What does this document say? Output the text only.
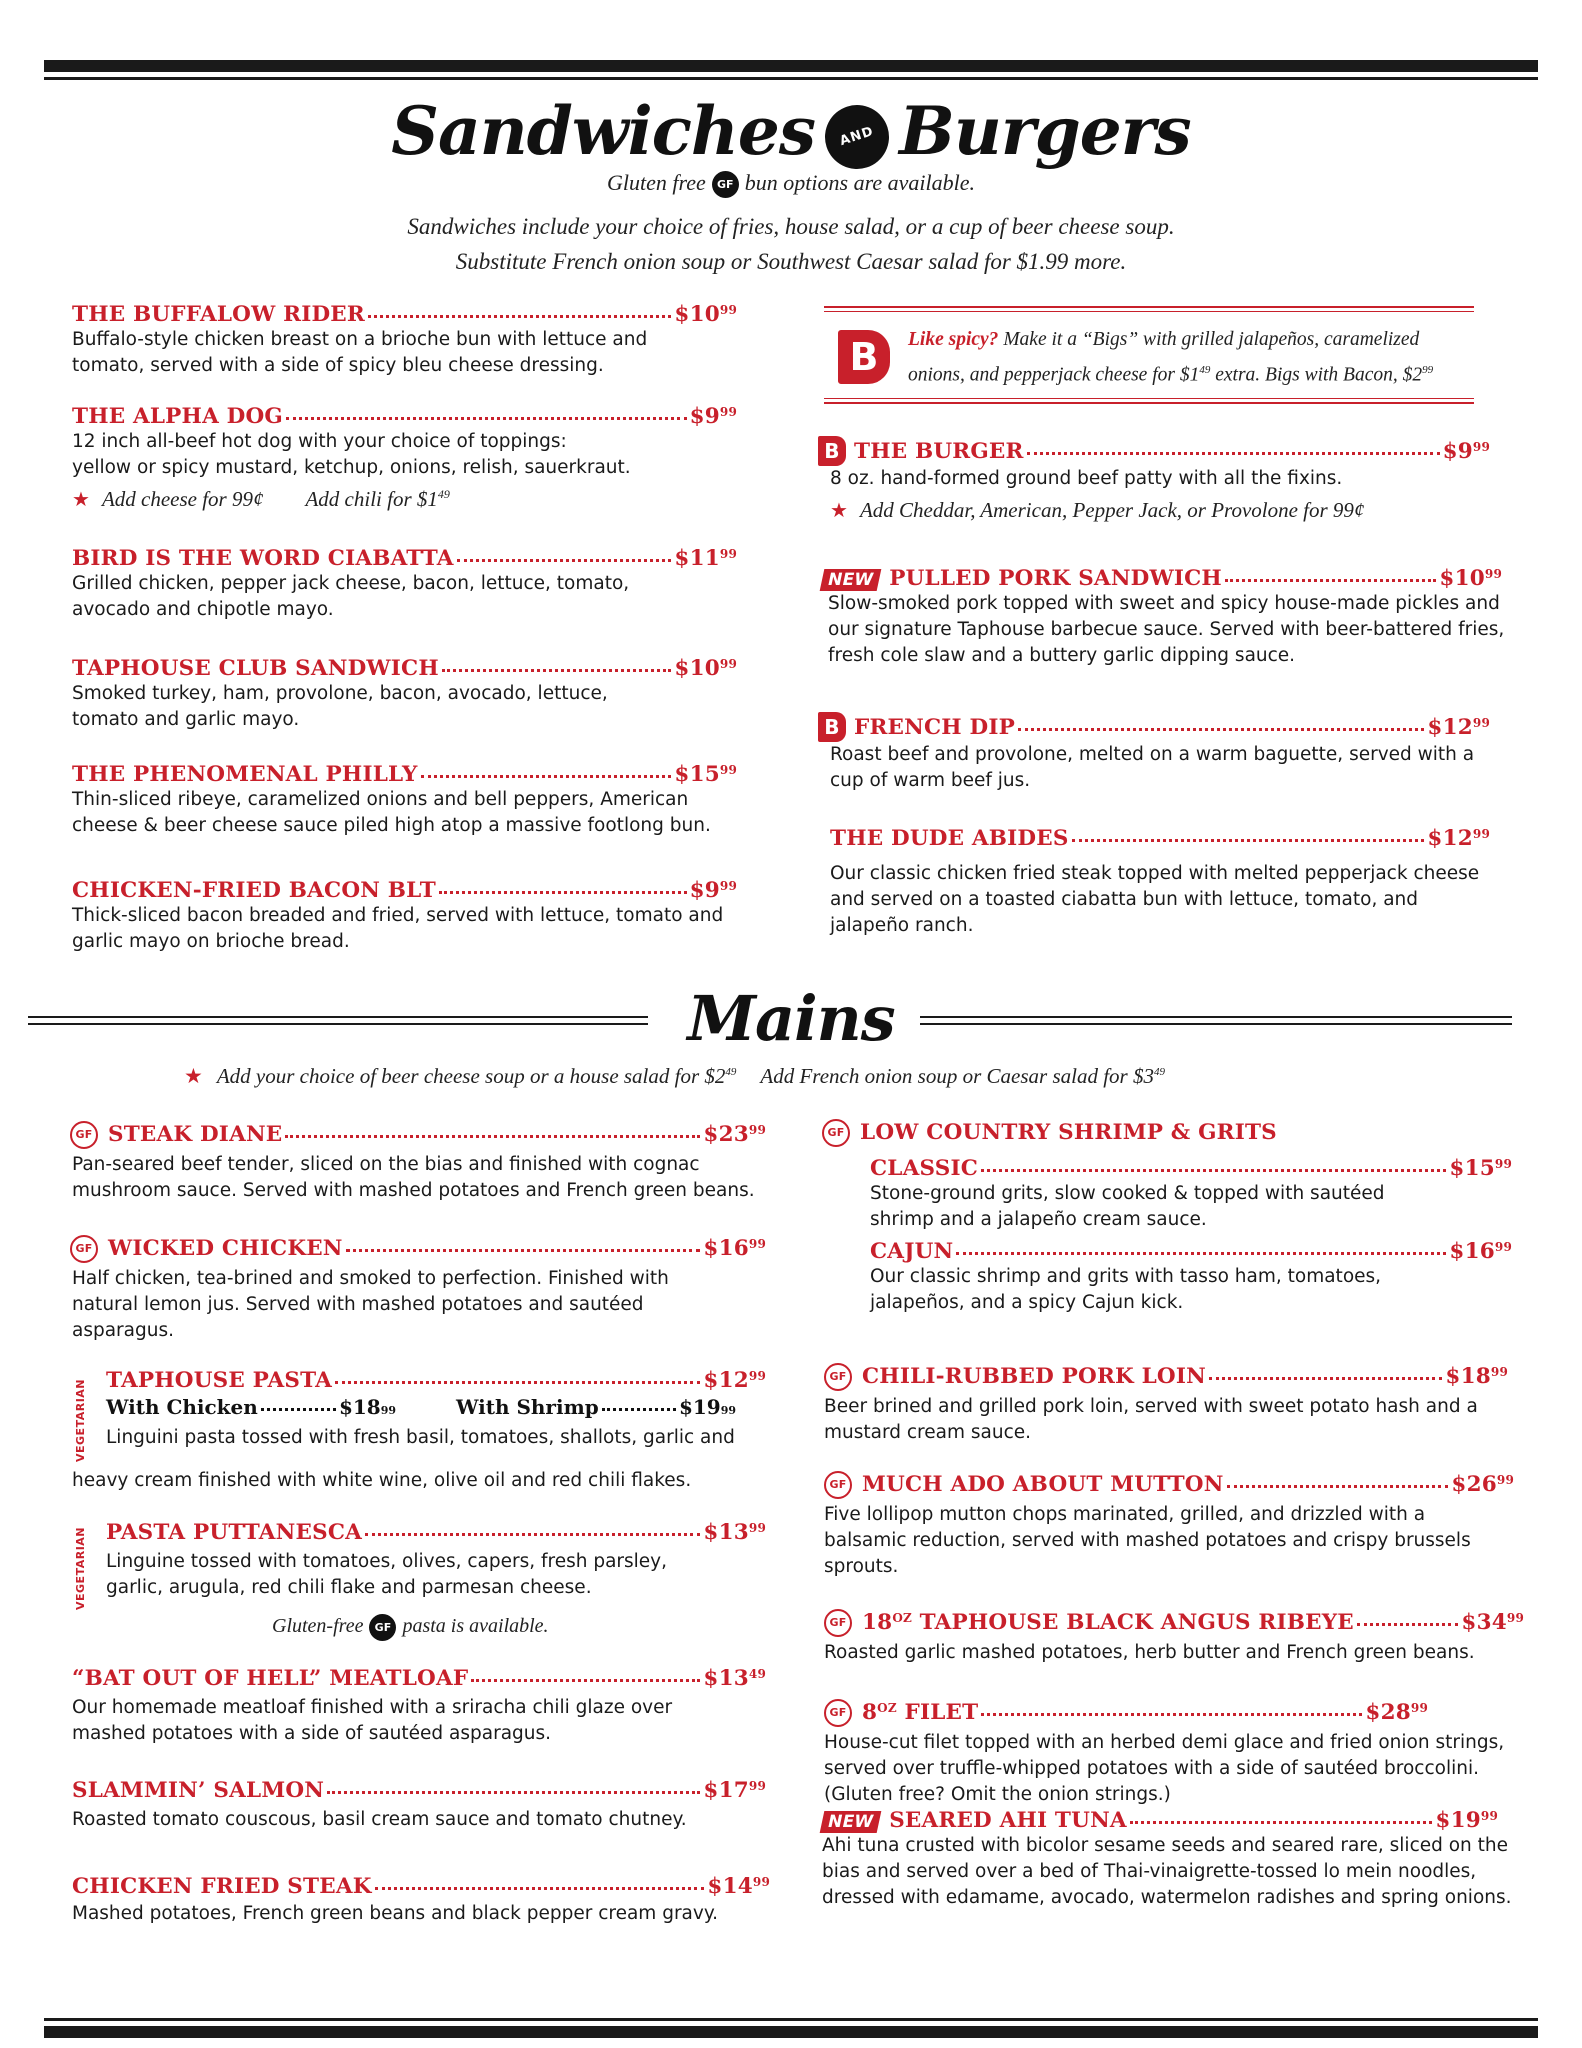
Sandwiches AND Burgers
Gluten free GF bun options are available.
Sandwiches include your choice of fries, house salad, or a cup of beer cheese soup.
Substitute French onion soup or Southwest Caesar salad for $1.99 more.
THE BUFFALOW RIDER	$\$10^{99}$
Buffalo-style chicken breast on a brioche bun with lettuce and tomato, served with a side of spicy bleu cheese dressing.
THE ALPHA DOG	$\$9^{99}$
12 inch all-beef hot dog with your choice of toppings:
yellow or spicy mustard, ketchup, onions, relish, sauerkraut.
★ Add cheese for 99¢ Add chili for $\$1^{49}$
BIRD IS THE WORD CIABATTA	$\$11^{99}$
Grilled chicken, pepper jack cheese, bacon, lettuce, tomato, avocado and chipotle mayo.
TAPHOUSE CLUB SANDWICH	$\$10^{99}$
Smoked turkey, ham, provolone, bacon, avocado, lettuce, tomato and garlic mayo.
THE PHENOMENAL PHILLY	$\$15^{99}$
Thin-sliced ribeye, caramelized onions and bell peppers, American cheese & beer cheese sauce piled high atop a massive footlong bun.
CHICKEN-FRIED BACON BLT	$\$9^{99}$
Thick-sliced bacon breaded and fried, served with lettuce, tomato and garlic mayo on brioche bread.
B	Like spicy? Make it a “Bigs” with grilled jalapeños, caramelized
onions, and pepperjack cheese for $\$1^{49}$ extra. Bigs with Bacon, $\$2^{99}$
B THE BURGER	$\$9^{99}$
8 oz. hand-formed ground beef patty with all the fixins.
★ Add Cheddar, American, Pepper Jack, or Provolone for 99¢
NEW PULLED PORK SANDWICH	$\$10^{99}$
Slow-smoked pork topped with sweet and spicy house-made pickles and our signature Taphouse barbecue sauce. Served with beer-battered fries, fresh cole slaw and a buttery garlic dipping sauce.
B FRENCH DIP	$\$12^{99}$
Roast beef and provolone, melted on a warm baguette, served with a cup of warm beef jus.
THE DUDE ABIDES	$\$12^{99}$
Our classic chicken fried steak topped with melted pepperjack cheese and served on a toasted ciabatta bun with lettuce, tomato, and jalapeño ranch.
Mains
★ Add your choice of beer cheese soup or a house salad for $\$2^{49}$ Add French onion soup or Caesar salad for $\$3^{49}$
GF STEAK DIANE	$\$23^{99}$
Pan-seared beef tender, sliced on the bias and finished with cognac mushroom sauce. Served with mashed potatoes and French green beans.
GF WICKED CHICKEN	$\$16^{99}$
Half chicken, tea-brined and smoked to perfection. Finished with natural lemon jus. Served with mashed potatoes and sautéed asparagus.
VEGETARIAN TAPHOUSE PASTA	$\$12^{99}$
With Chicken	$18 99	With Shrimp	$19 99
Linguini pasta tossed with fresh basil, tomatoes, shallots, garlic and
heavy cream finished with white wine, olive oil and red chili flakes.
VEGETARIAN PASTA PUTTANESCA	$\$13^{99}$
Linguine tossed with tomatoes, olives, capers, fresh parsley, garlic, arugula, red chili flake and parmesan cheese.
Gluten-free GF pasta is available.
“BAT OUT OF HELL” MEATLOAF	$\$13^{49}$
Our homemade meatloaf finished with a sriracha chili glaze over mashed potatoes with a side of sautéed asparagus.
SLAMMIN’ SALMON	$\$17^{99}$
Roasted tomato couscous, basil cream sauce and tomato chutney.
CHICKEN FRIED STEAK	$\$14^{99}$
Mashed potatoes, French green beans and black pepper cream gravy.
GF LOW COUNTRY SHRIMP & GRITS
CLASSIC	$\$15^{99}$
Stone-ground grits, slow cooked & topped with sautéed shrimp and a jalapeño cream sauce.
CAJUN	$\$16^{99}$
Our classic shrimp and grits with tasso ham, tomatoes, jalapeños, and a spicy Cajun kick.
GF CHILI-RUBBED PORK LOIN	$\$18^{99}$
Beer brined and grilled pork loin, served with sweet potato hash and a mustard cream sauce.
GF MUCH ADO ABOUT MUTTON	$\$26^{99}$
Five lollipop mutton chops marinated, grilled, and drizzled with a balsamic reduction, served with mashed potatoes and crispy brussels sprouts.
GF $18^{OZ}$ TAPHOUSE BLACK ANGUS RIBEYE	$\$34^{99}$
Roasted garlic mashed potatoes, herb butter and French green beans.
GF $8^{OZ}$ FILET	$\$28^{99}$
House-cut filet topped with an herbed demi glace and fried onion strings, served over truffle-whipped potatoes with a side of sautéed broccolini. (Gluten free? Omit the onion strings.)
NEW SEARED AHI TUNA	$\$19^{99}$
Ahi tuna crusted with bicolor sesame seeds and seared rare, sliced on the bias and served over a bed of Thai-vinaigrette-tossed lo mein noodles, dressed with edamame, avocado, watermelon radishes and spring onions.
